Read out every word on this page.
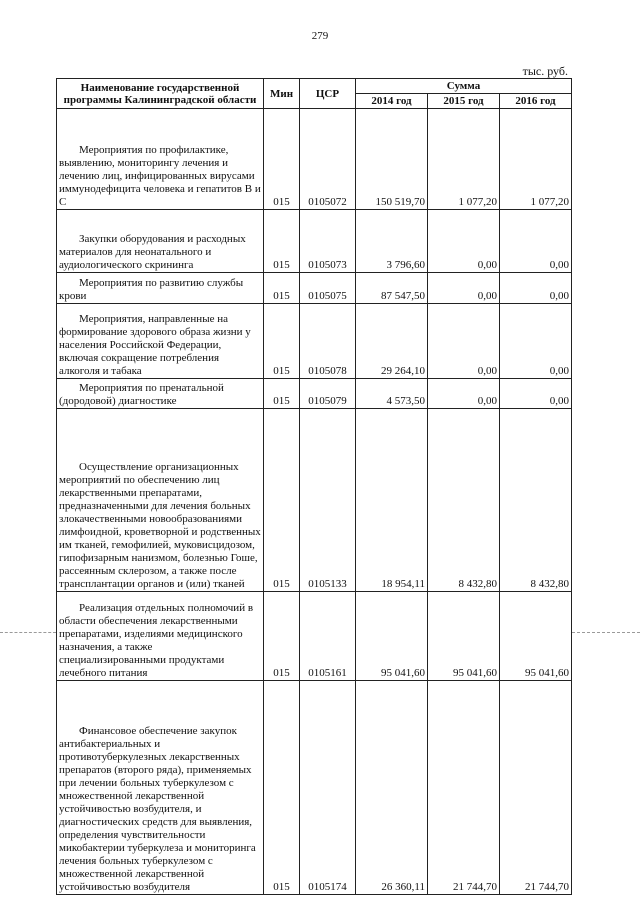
279
тыс. руб.
Наименование государственной программы Калининградской области	Мин	ЦСР	Сумма		
			2014 год	2015 год	2016 год
Мероприятия по профилактике, выявлению, мониторингу лечения и лечению лиц, инфицированных вирусами иммунодефицита человека и гепатитов В и С	015	0105072	150 519,70	1 077,20	1 077,20
Закупки оборудования и расходных материалов для неонатального и аудиологического скрининга	015	0105073	3 796,60	0,00	0,00
Мероприятия по развитию службы крови	015	0105075	87 547,50	0,00	0,00
Мероприятия, направленные на формирование здорового образа жизни у населения Российской Федерации, включая сокращение потребления алкоголя и табака	015	0105078	29 264,10	0,00	0,00
Мероприятия по пренатальной (дородовой) диагностике	015	0105079	4 573,50	0,00	0,00
Осуществление организационных мероприятий по обеспечению лиц лекарственными препаратами, предназначенными для лечения больных злокачественными новообразованиями лимфоидной, кроветворной и родственных им тканей, гемофилией, муковисцидозом, гипофизарным нанизмом, болезнью Гоше, рассеянным склерозом, а также после трансплантации органов и (или) тканей	015	0105133	18 954,11	8 432,80	8 432,80
Реализация отдельных полномочий в области обеспечения лекарственными препаратами, изделиями медицинского назначения, а также специализированными продуктами лечебного питания	015	0105161	95 041,60	95 041,60	95 041,60
Финансовое обеспечение закупок антибактериальных и противотуберкулезных лекарственных препаратов (второго ряда), применяемых при лечении больных туберкулезом с множественной лекарственной устойчивостью возбудителя, и диагностических средств для выявления, определения чувствительности микобактерии туберкулеза и мониторинга лечения больных туберкулезом с множественной лекарственной устойчивостью возбудителя	015	0105174	26 360,11	21 744,70	21 744,70
